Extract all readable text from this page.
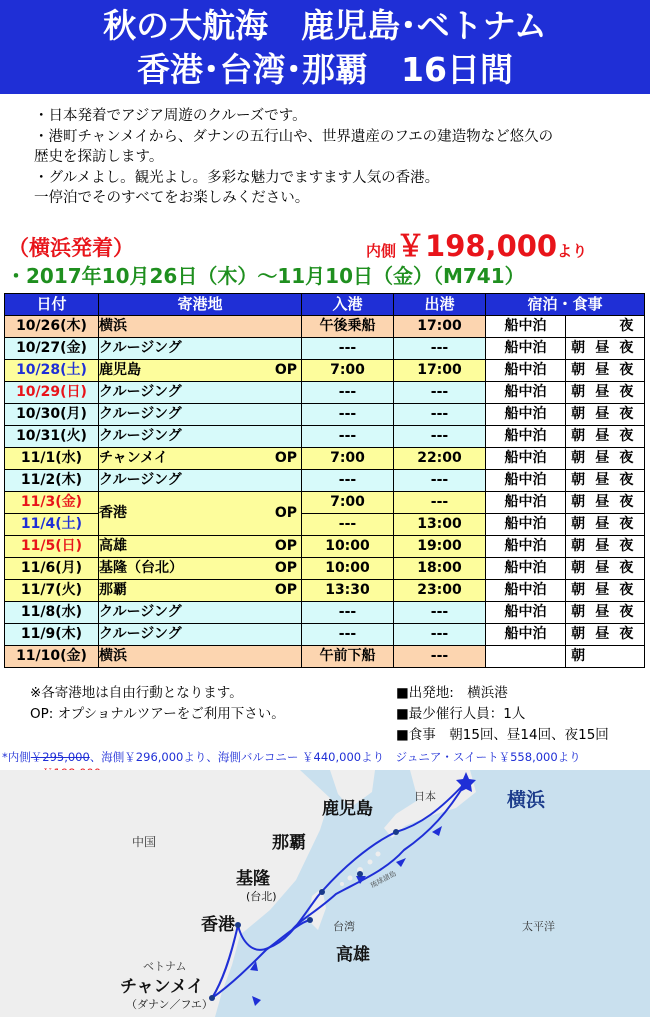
秋の大航海　鹿児島･ベトナム
香港･台湾･那覇　16日間
・日本発着でアジア周遊のクルーズです。
・港町チャンメイから、ダナンの五行山や、世界遺産のフエの建造物など悠久の
歴史を探訪します。
・グルメよし。観光よし。多彩な魅力でますます人気の香港。
一停泊でそのすべてをお楽しみください。
（横浜発着）	内側￥198,000より
・2017年10月26日（木）～11月10日（金）（M741）
日付	寄港地	入港	出港	宿泊・食事	
10/26(木)	横浜	午後乗船	17:00	船中泊	夜
10/27(金)	クルージング	---	---	船中泊	朝 昼 夜
10/28(土)	鹿児島 OP	7:00	17:00	船中泊	朝 昼 夜
10/29(日)	クルージング	---	---	船中泊	朝 昼 夜
10/30(月)	クルージング	---	---	船中泊	朝 昼 夜
10/31(火)	クルージング	---	---	船中泊	朝 昼 夜
11/1(水)	チャンメイ OP	7:00	22:00	船中泊	朝 昼 夜
11/2(木)	クルージング	---	---	船中泊	朝 昼 夜
11/3(金)	香港 OP	7:00	---	船中泊	朝 昼 夜
11/4(土)		---	13:00	船中泊	朝 昼 夜
11/5(日)	高雄 OP	10:00	19:00	船中泊	朝 昼 夜
11/6(月)	基隆（台北） OP	10:00	18:00	船中泊	朝 昼 夜
11/7(火)	那覇 OP	13:30	23:00	船中泊	朝 昼 夜
11/8(水)	クルージング	---	---	船中泊	朝 昼 夜
11/9(木)	クルージング	---	---	船中泊	朝 昼 夜
11/10(金)	横浜	午前下船	---		朝
※各寄港地は自由行動となります。
OP: オプショナルツアーをご利用下さい。
■出発地:　横浜港
■最少催行人員：1人
■食事　朝15回、昼14回、夜15回
*内側￥295,000、海側￥296,000より、海側バルコニー ￥440,000より　ジュニア・スイート￥558,000より
中国
日本	横浜
鹿児島
那覇
基隆
(台北)
台湾
香港
高雄
ベトナム
チャンメイ
（ダナン／フエ）
太平洋
琉球諸島
